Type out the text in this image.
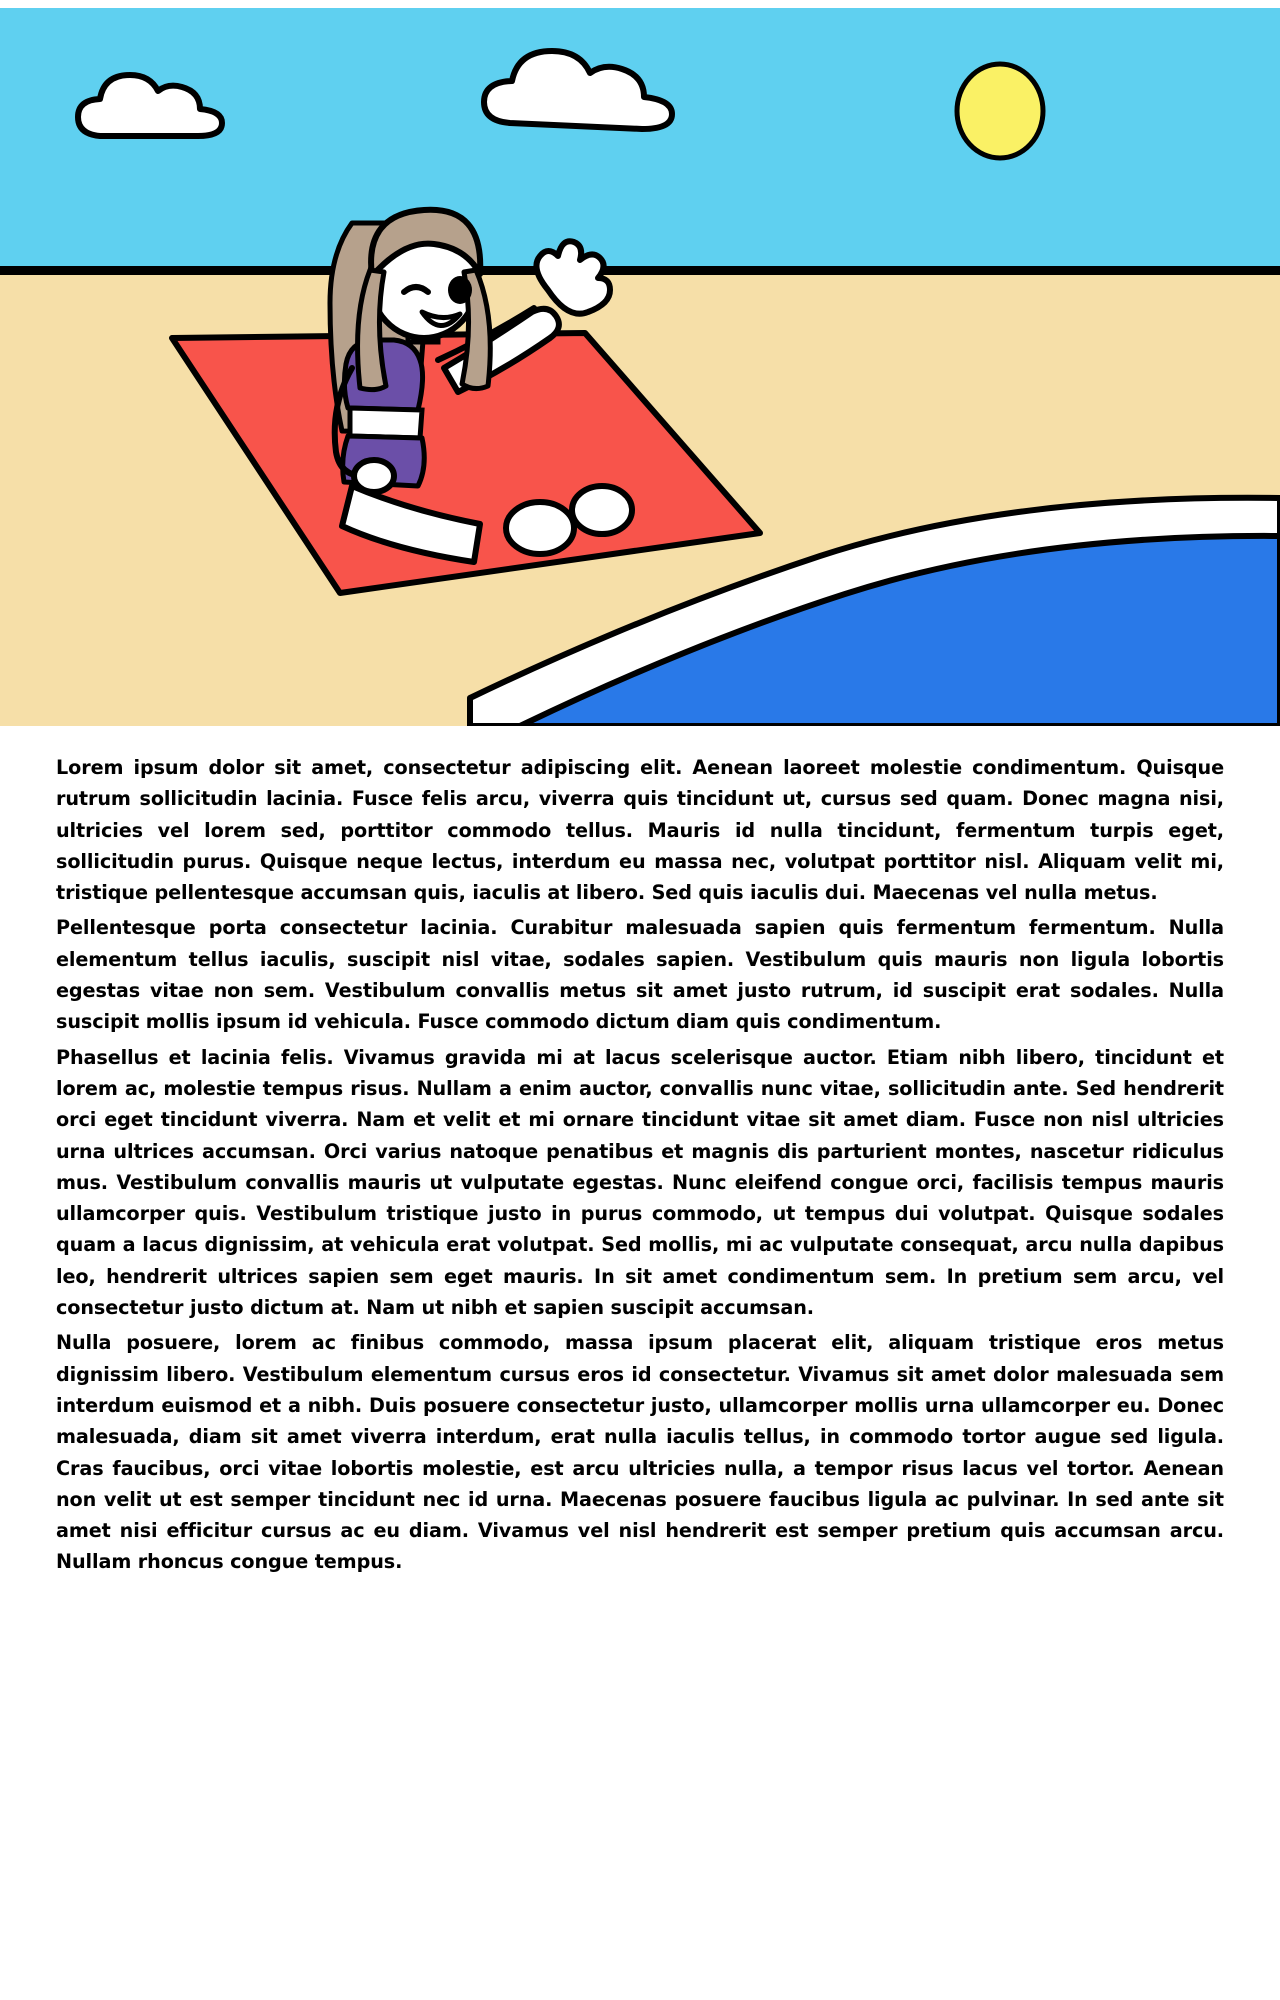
Lorem ipsum dolor sit amet, consectetur adipiscing elit. Aenean laoreet molestie condimentum. Quisque rutrum sollicitudin lacinia. Fusce felis arcu, viverra quis tincidunt ut, cursus sed quam. Donec magna nisi, ultricies vel lorem sed, porttitor commodo tellus. Mauris id nulla tincidunt, fermentum turpis eget, sollicitudin purus. Quisque neque lectus, interdum eu massa nec, volutpat porttitor nisl. Aliquam velit mi, tristique pellentesque accumsan quis, iaculis at libero. Sed quis iaculis dui. Maecenas vel nulla metus.

Pellentesque porta consectetur lacinia. Curabitur malesuada sapien quis fermentum fermentum. Nulla elementum tellus iaculis, suscipit nisl vitae, sodales sapien. Vestibulum quis mauris non ligula lobortis egestas vitae non sem. Vestibulum convallis metus sit amet justo rutrum, id suscipit erat sodales. Nulla suscipit mollis ipsum id vehicula. Fusce commodo dictum diam quis condimentum.

Phasellus et lacinia felis. Vivamus gravida mi at lacus scelerisque auctor. Etiam nibh libero, tincidunt et lorem ac, molestie tempus risus. Nullam a enim auctor, convallis nunc vitae, sollicitudin ante. Sed hendrerit orci eget tincidunt viverra. Nam et velit et mi ornare tincidunt vitae sit amet diam. Fusce non nisl ultricies urna ultrices accumsan. Orci varius natoque penatibus et magnis dis parturient montes, nascetur ridiculus mus. Vestibulum convallis mauris ut vulputate egestas. Nunc eleifend congue orci, facilisis tempus mauris ullamcorper quis. Vestibulum tristique justo in purus commodo, ut tempus dui volutpat. Quisque sodales quam a lacus dignissim, at vehicula erat volutpat. Sed mollis, mi ac vulputate consequat, arcu nulla dapibus leo, hendrerit ultrices sapien sem eget mauris. In sit amet condimentum sem. In pretium sem arcu, vel consectetur justo dictum at. Nam ut nibh et sapien suscipit accumsan.

Nulla posuere, lorem ac finibus commodo, massa ipsum placerat elit, aliquam tristique eros metus dignissim libero. Vestibulum elementum cursus eros id consectetur. Vivamus sit amet dolor malesuada sem interdum euismod et a nibh. Duis posuere consectetur justo, ullamcorper mollis urna ullamcorper eu. Donec malesuada, diam sit amet viverra interdum, erat nulla iaculis tellus, in commodo tortor augue sed ligula. Cras faucibus, orci vitae lobortis molestie, est arcu ultricies nulla, a tempor risus lacus vel tortor. Aenean non velit ut est semper tincidunt nec id urna. Maecenas posuere faucibus ligula ac pulvinar. In sed ante sit amet nisi efficitur cursus ac eu diam. Vivamus vel nisl hendrerit est semper pretium quis accumsan arcu. Nullam rhoncus congue tempus.
